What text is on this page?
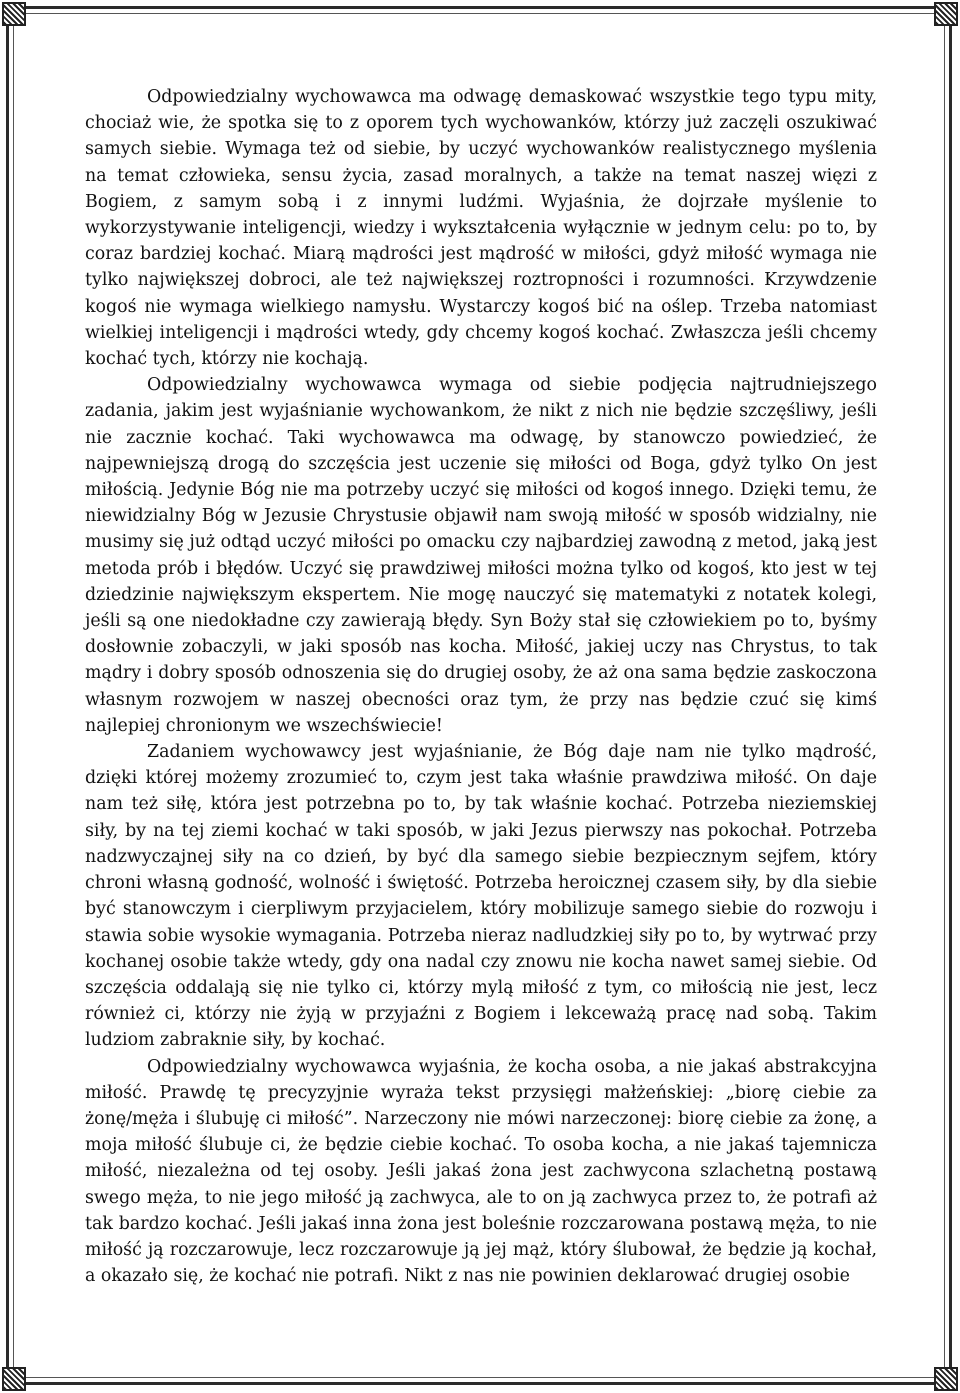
Odpowiedzialny wychowawca ma odwagę demaskować wszystkie tego typu mity, chociaż wie, że spotka się to z oporem tych wychowanków, którzy już zaczęli oszukiwać samych siebie. Wymaga też od siebie, by uczyć wychowanków realistycznego myślenia na temat człowieka, sensu życia, zasad moralnych, a także na temat naszej więzi z Bogiem, z samym sobą i z innymi ludźmi. Wyjaśnia, że dojrzałe myślenie to wykorzystywanie inteligencji, wiedzy i wykształcenia wyłącznie w jednym celu: po to, by coraz bardziej kochać. Miarą mądrości jest mądrość w miłości, gdyż miłość wymaga nie tylko największej dobroci, ale też największej roztropności i rozumności. Krzywdzenie kogoś nie wymaga wielkiego namysłu. Wystarczy kogoś bić na oślep. Trzeba natomiast wielkiej inteligencji i mądrości wtedy, gdy chcemy kogoś kochać. Zwłaszcza jeśli chcemy kochać tych, którzy nie kochają.

Odpowiedzialny wychowawca wymaga od siebie podjęcia najtrudniejszego zadania, jakim jest wyjaśnianie wychowankom, że nikt z nich nie będzie szczęśliwy, jeśli nie zacznie kochać. Taki wychowawca ma odwagę, by stanowczo powiedzieć, że najpewniejszą drogą do szczęścia jest uczenie się miłości od Boga, gdyż tylko On jest miłością. Jedynie Bóg nie ma potrzeby uczyć się miłości od kogoś innego. Dzięki temu, że niewidzialny Bóg w Jezusie Chrystusie objawił nam swoją miłość w sposób widzialny, nie musimy się już odtąd uczyć miłości po omacku czy najbardziej zawodną z metod, jaką jest metoda prób i błędów. Uczyć się prawdziwej miłości można tylko od kogoś, kto jest w tej dziedzinie największym ekspertem. Nie mogę nauczyć się matematyki z notatek kolegi, jeśli są one niedokładne czy zawierają błędy. Syn Boży stał się człowiekiem po to, byśmy dosłownie zobaczyli, w jaki sposób nas kocha. Miłość, jakiej uczy nas Chrystus, to tak mądry i dobry sposób odnoszenia się do drugiej osoby, że aż ona sama będzie zaskoczona własnym rozwojem w naszej obecności oraz tym, że przy nas będzie czuć się kimś najlepiej chronionym we wszechświecie!

Zadaniem wychowawcy jest wyjaśnianie, że Bóg daje nam nie tylko mądrość, dzięki której możemy zrozumieć to, czym jest taka właśnie prawdziwa miłość. On daje nam też siłę, która jest potrzebna po to, by tak właśnie kochać. Potrzeba nieziemskiej siły, by na tej ziemi kochać w taki sposób, w jaki Jezus pierwszy nas pokochał. Potrzeba nadzwyczajnej siły na co dzień, by być dla samego siebie bezpiecznym sejfem, który chroni własną godność, wolność i świętość. Potrzeba heroicznej czasem siły, by dla siebie być stanowczym i cierpliwym przyjacielem, który mobilizuje samego siebie do rozwoju i stawia sobie wysokie wymagania. Potrzeba nieraz nadludzkiej siły po to, by wytrwać przy kochanej osobie także wtedy, gdy ona nadal czy znowu nie kocha nawet samej siebie. Od szczęścia oddalają się nie tylko ci, którzy mylą miłość z tym, co miłością nie jest, lecz również ci, którzy nie żyją w przyjaźni z Bogiem i lekceważą pracę nad sobą. Takim ludziom zabraknie siły, by kochać.

Odpowiedzialny wychowawca wyjaśnia, że kocha osoba, a nie jakaś abstrakcyjna miłość. Prawdę tę precyzyjnie wyraża tekst przysięgi małżeńskiej: „biorę ciebie za żonę/męża i ślubuję ci miłość”. Narzeczony nie mówi narzeczonej: biorę ciebie za żonę, a moja miłość ślubuje ci, że będzie ciebie kochać. To osoba kocha, a nie jakaś tajemnicza miłość, niezależna od tej osoby. Jeśli jakaś żona jest zachwycona szlachetną postawą swego męża, to nie jego miłość ją zachwyca, ale to on ją zachwyca przez to, że potrafi aż tak bardzo kochać. Jeśli jakaś inna żona jest boleśnie rozczarowana postawą męża, to nie miłość ją rozczarowuje, lecz rozczarowuje ją jej mąż, który ślubował, że będzie ją kochał, a okazało się, że kochać nie potrafi. Nikt z nas nie powinien deklarować drugiej osobie
